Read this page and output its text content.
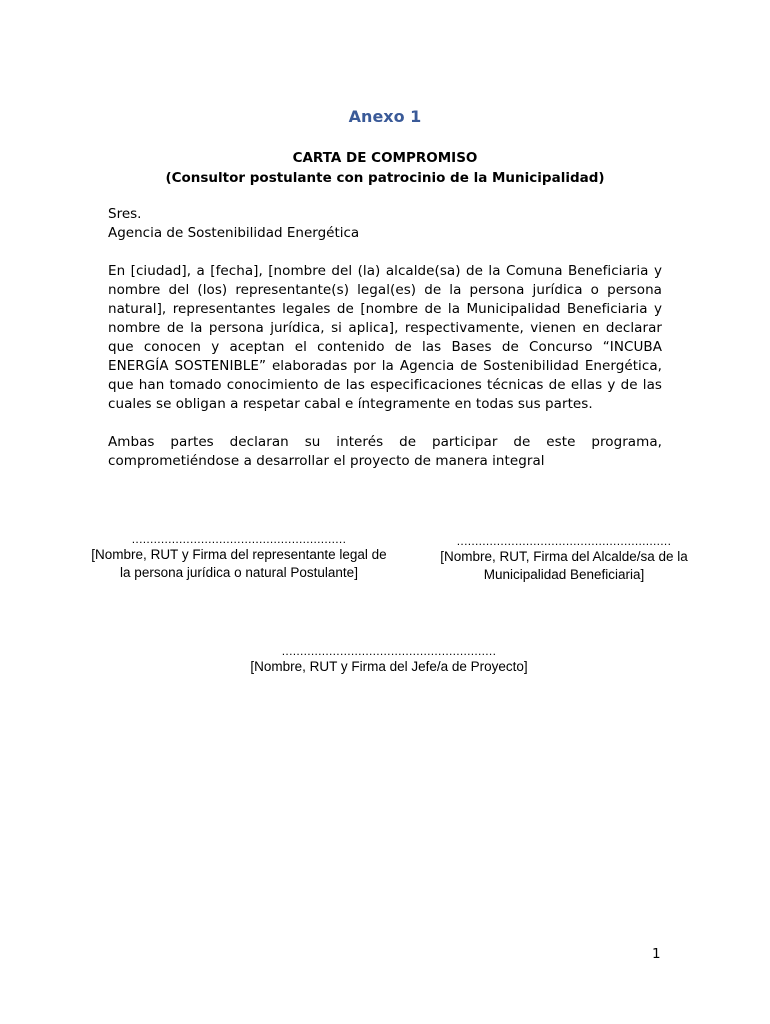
Anexo 1
CARTA DE COMPROMISO
(Consultor postulante con patrocinio de la Municipalidad)
Sres.
Agencia de Sostenibilidad Energética
En [ciudad], a [fecha], [nombre del (la) alcalde(sa) de la Comuna Beneficiaria y nombre del (los) representante(s) legal(es) de la persona jurídica o persona natural], representantes legales de [nombre de la Municipalidad Beneficiaria y nombre de la persona jurídica, si aplica], respectivamente, vienen en declarar que conocen y aceptan el contenido de las Bases de Concurso “INCUBA ENERGÍA SOSTENIBLE” elaboradas por la Agencia de Sostenibilidad Energética, que han tomado conocimiento de las especificaciones técnicas de ellas y de las cuales se obligan a respetar cabal e íntegramente en todas sus partes.
Ambas partes declaran su interés de participar de este programa, comprometiéndose a desarrollar el proyecto de manera integral
...........................................................
[Nombre, RUT y Firma del representante legal de
la persona jurídica o natural Postulante]
...........................................................
[Nombre, RUT, Firma del Alcalde/sa de la
Municipalidad Beneficiaria]
...........................................................
[Nombre, RUT y Firma del Jefe/a de Proyecto]
1
